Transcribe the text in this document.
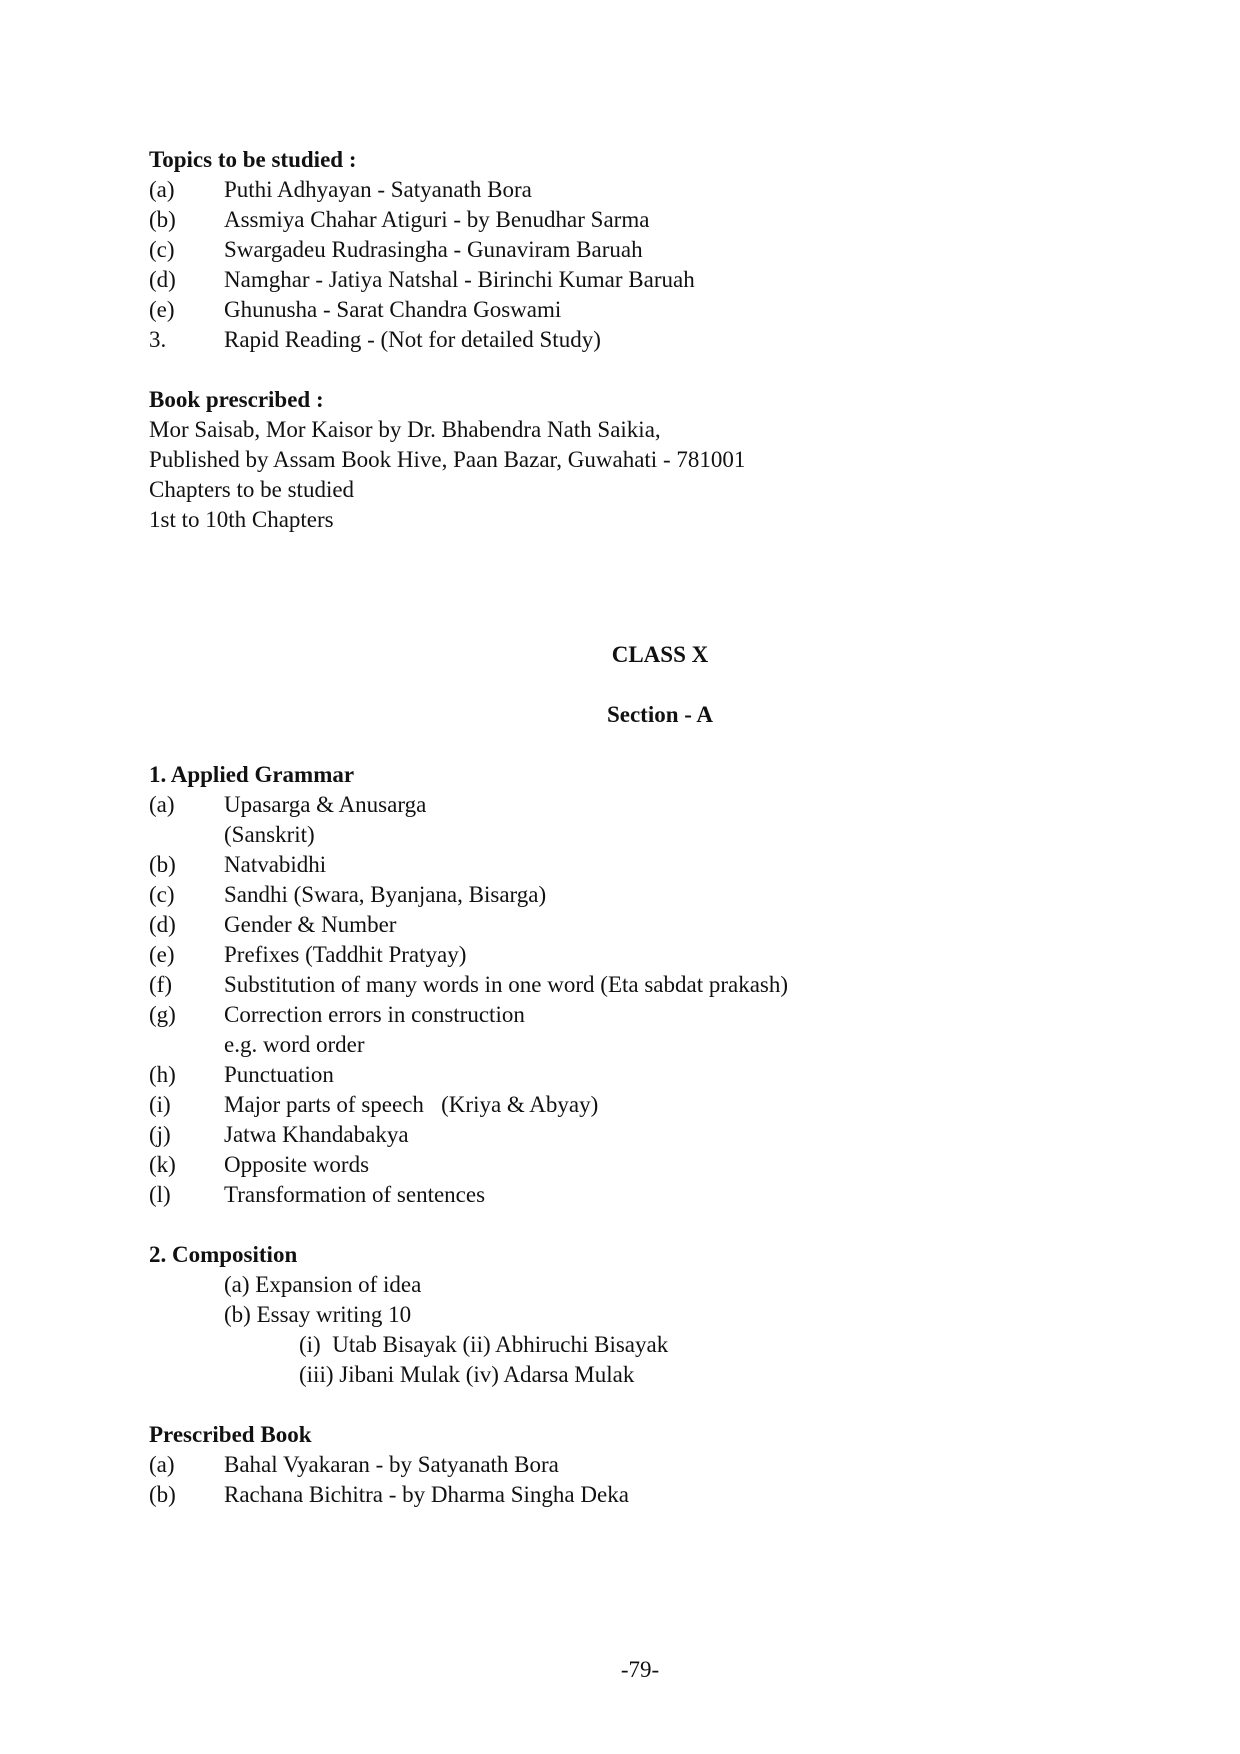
Topics to be studied :
(a)	Puthi Adhyayan - Satyanath Bora
(b)	Assmiya Chahar Atiguri - by Benudhar Sarma
(c)	Swargadeu Rudrasingha - Gunaviram Baruah
(d)	Namghar - Jatiya Natshal - Birinchi Kumar Baruah
(e)	Ghunusha - Sarat Chandra Goswami
3.	Rapid Reading - (Not for detailed Study)
Book prescribed :
Mor Saisab, Mor Kaisor by Dr. Bhabendra Nath Saikia,
Published by Assam Book Hive, Paan Bazar, Guwahati - 781001
Chapters to be studied
1st to 10th Chapters
CLASS X
Section - A
1. Applied Grammar
(a)	Upasarga & Anusarga
(Sanskrit)
(b)	Natvabidhi
(c)	Sandhi (Swara, Byanjana, Bisarga)
(d)	Gender & Number
(e)	Prefixes (Taddhit Pratyay)
(f)	Substitution of many words in one word (Eta sabdat prakash)
(g)	Correction errors in construction
e.g. word order
(h)	Punctuation
(i)	Major parts of speech   (Kriya & Abyay)
(j)	Jatwa Khandabakya
(k)	Opposite words
(l)	Transformation of sentences
2. Composition
(a) Expansion of idea
(b) Essay writing 10
(i)  Utab Bisayak (ii) Abhiruchi Bisayak
(iii) Jibani Mulak (iv) Adarsa Mulak
Prescribed Book
(a)	Bahal Vyakaran - by Satyanath Bora
(b)	Rachana Bichitra - by Dharma Singha Deka
-79-
